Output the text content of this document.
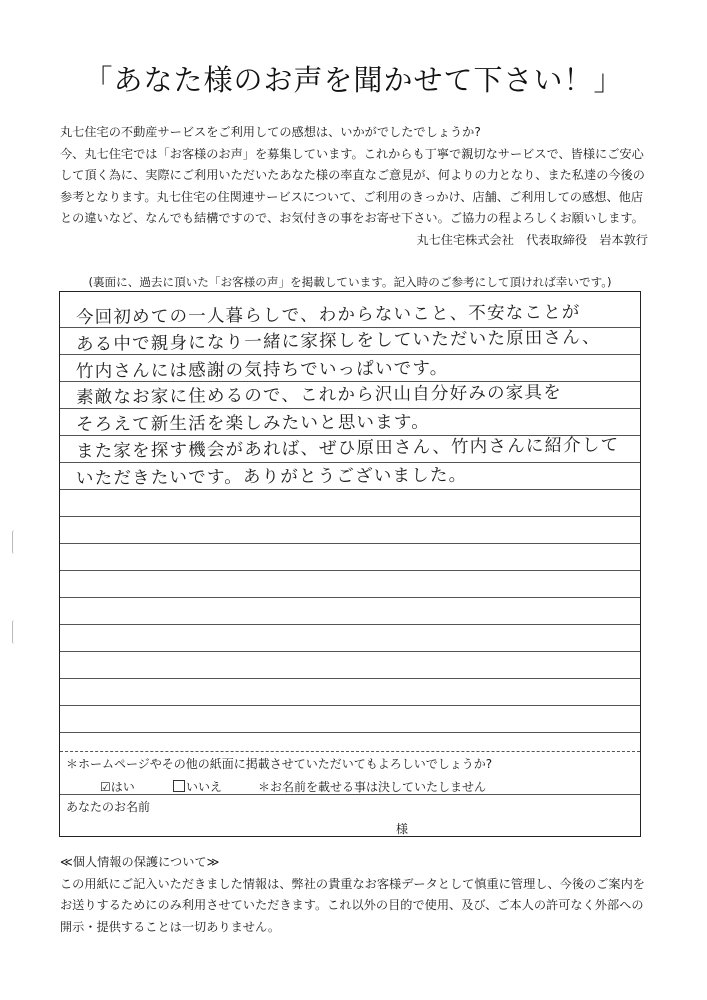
「あなた様のお声を聞かせて下さい！」
丸七住宅の不動産サービスをご利用しての感想は、いかがでしたでしょうか?
今、丸七住宅では「お客様のお声」を募集しています。これからも丁寧で親切なサービスで、皆様にご安心
して頂く為に、実際にご利用いただいたあなた様の率直なご意見が、何よりの力となり、また私達の今後の
参考となります。丸七住宅の住関連サービスについて、ご利用のきっかけ、店舗、ご利用しての感想、他店
との違いなど、なんでも結構ですので、お気付きの事をお寄せ下さい。ご協力の程よろしくお願いします。
丸七住宅株式会社　代表取締役　岩本敦行
(裏面に、過去に頂いた「お客様の声」を掲載しています。記入時のご参考にして頂ければ幸いです。)
今回初めての一人暮らしで、わからないこと、不安なことが
ある中で親身になり一緒に家探しをしていただいた原田さん、
竹内さんには感謝の気持ちでいっぱいです。
素敵なお家に住めるので、これから沢山自分好みの家具を
そろえて新生活を楽しみたいと思います。
また家を探す機会があれば、ぜひ原田さん、竹内さんに紹介して
いただきたいです。ありがとうございました。
＊ホームページやその他の紙面に掲載させていただいてもよろしいでしょうか?
☑はい	いいえ	＊お名前を載せる事は決していたしません
あなたのお名前
様
≪個人情報の保護について≫
この用紙にご記入いただきました情報は、弊社の貴重なお客様データとして慎重に管理し、今後のご案内を
お送りするためにのみ利用させていただきます。これ以外の目的で使用、及び、ご本人の許可なく外部への
開示・提供することは一切ありません。
